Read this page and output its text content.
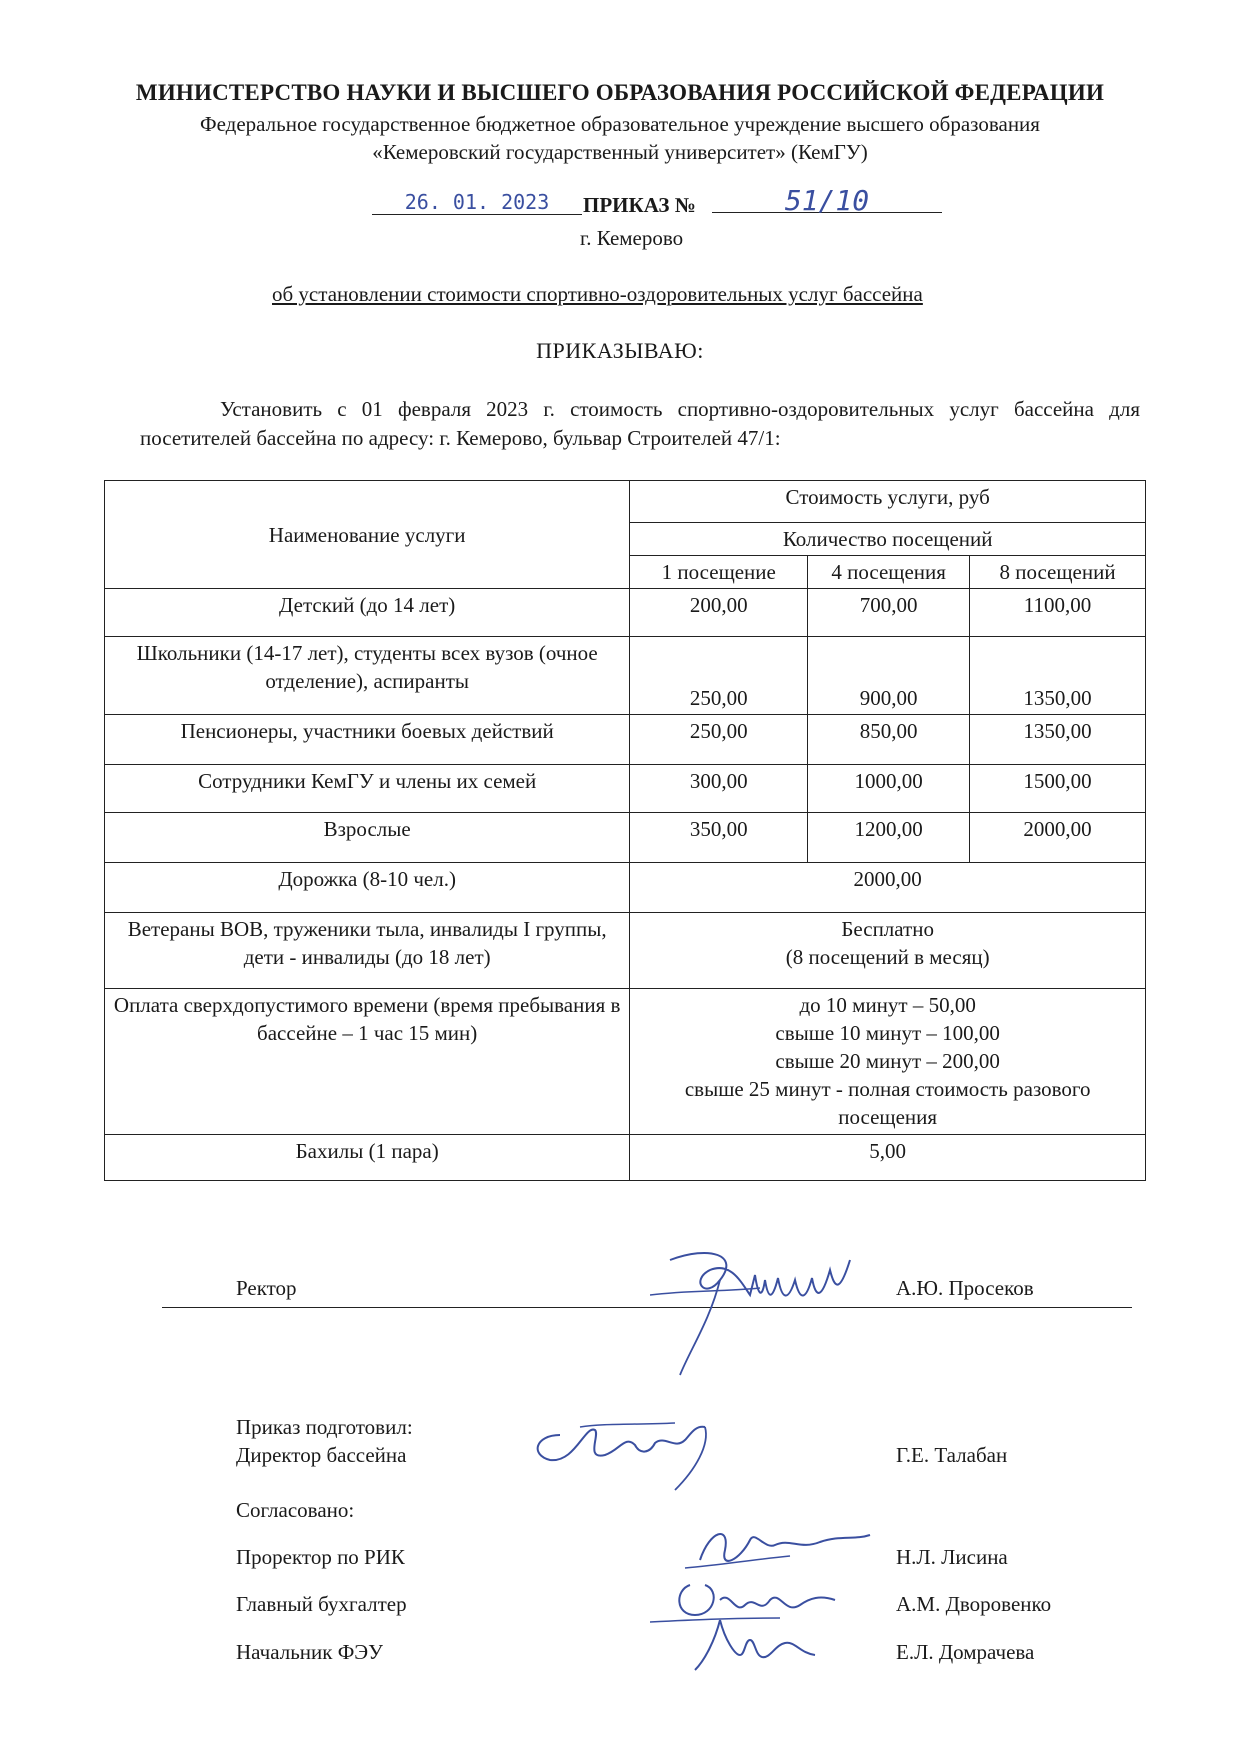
МИНИСТЕРСТВО НАУКИ И ВЫСШЕГО ОБРАЗОВАНИЯ РОССИЙСКОЙ ФЕДЕРАЦИИ
Федеральное государственное бюджетное образовательное учреждение высшего образования
«Кемеровский государственный университет» (КемГУ)
26. 01. 2023	ПРИКАЗ №	51/10
г. Кемерово
об установлении стоимости спортивно-оздоровительных услуг бассейна
ПРИКАЗЫВАЮ:
Установить с 01 февраля 2023 г. стоимость спортивно-оздоровительных услуг бассейна для посетителей бассейна по адресу: г. Кемерово, бульвар Строителей 47/1:
Наименование услуги	Стоимость услуги, руб		
	Количество посещений		
	1 посещение	4 посещения	8 посещений
Детский (до 14 лет)	200,00	700,00	1100,00
Школьники (14-17 лет), студенты всех вузов (очное отделение), аспиранты	250,00	900,00	1350,00
Пенсионеры, участники боевых действий	250,00	850,00	1350,00
Сотрудники КемГУ и члены их семей	300,00	1000,00	1500,00
Взрослые	350,00	1200,00	2000,00
Дорожка (8-10 чел.)	2000,00		
Ветераны ВОВ, труженики тыла, инвалиды I группы, дети - инвалиды (до 18 лет)	Бесплатно
(8 посещений в месяц)		

Оплата сверхдопустимого времени (время пребывания в бассейне – 1 час 15 мин)	до 10 минут – 50,00
свыше 10 минут – 100,00
свыше 20 минут – 200,00
свыше 25 минут - полная стоимость разового посещения		

Бахилы (1 пара)	5,00		
Ректор	А.Ю. Просеков
Приказ подготовил:
Директор бассейна	Г.Е. Талабан
Согласовано:
Проректор по РИК	Н.Л. Лисина
Главный бухгалтер	А.М. Дворовенко
Начальник ФЭУ	Е.Л. Домрачева
